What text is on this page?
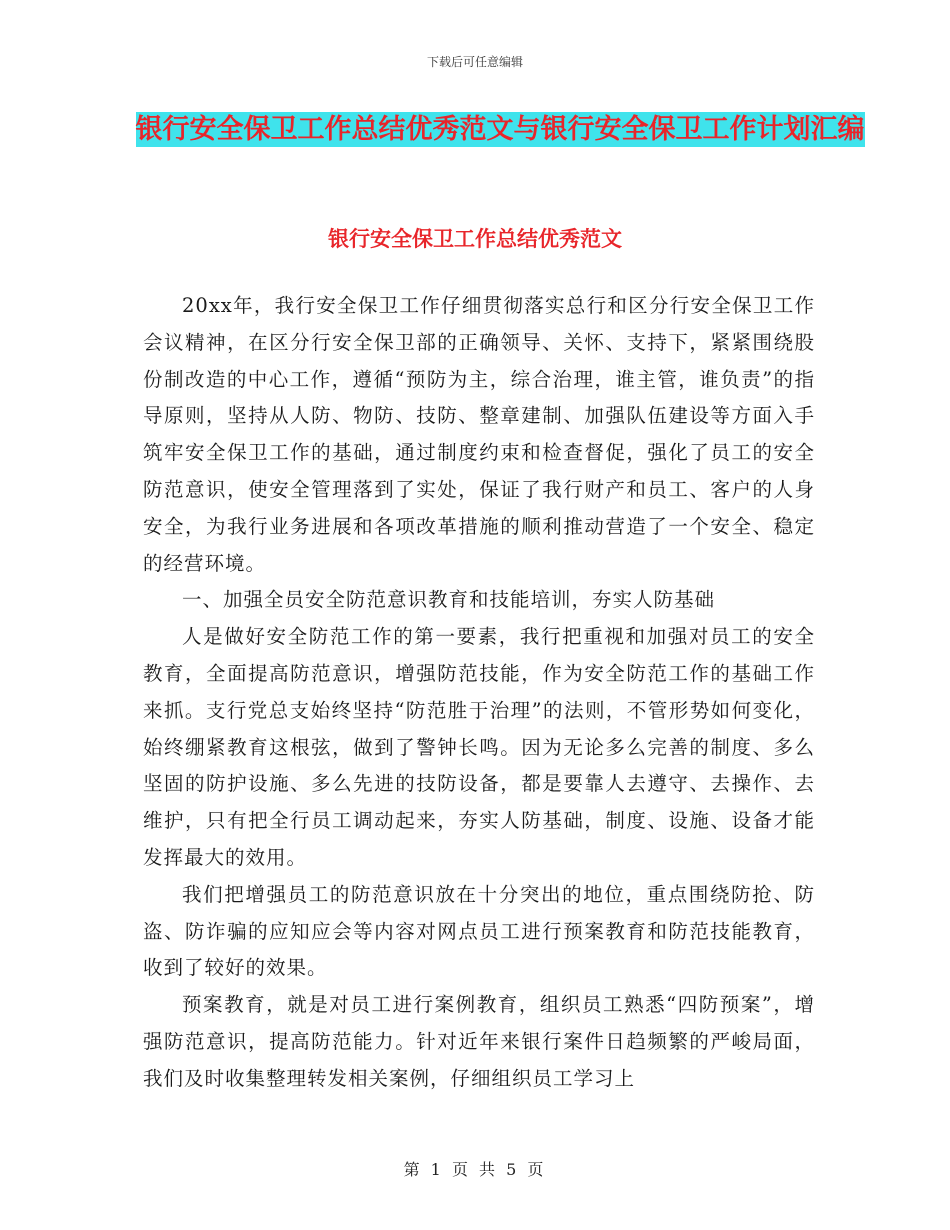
下载后可任意编辑
银行安全保卫工作总结优秀范文与银行安全保卫工作计划汇编
银行安全保卫工作总结优秀范文

20xx年，我行安全保卫工作仔细贯彻落实总行和区分行安全保卫工作会议精神，在区分行安全保卫部的正确领导、关怀、支持下，紧紧围绕股份制改造的中心工作，遵循“预防为主，综合治理，谁主管，谁负责”的指导原则，坚持从人防、物防、技防、整章建制、加强队伍建设等方面入手筑牢安全保卫工作的基础，通过制度约束和检查督促，强化了员工的安全防范意识，使安全管理落到了实处，保证了我行财产和员工、客户的人身安全，为我行业务进展和各项改革措施的顺利推动营造了一个安全、稳定的经营环境。

一、加强全员安全防范意识教育和技能培训，夯实人防基础

人是做好安全防范工作的第一要素，我行把重视和加强对员工的安全教育，全面提高防范意识，增强防范技能，作为安全防范工作的基础工作来抓。支行党总支始终坚持“防范胜于治理”的法则，不管形势如何变化，始终绷紧教育这根弦，做到了警钟长鸣。因为无论多么完善的制度、多么坚固的防护设施、多么先进的技防设备，都是要靠人去遵守、去操作、去维护，只有把全行员工调动起来，夯实人防基础，制度、设施、设备才能发挥最大的效用。

我们把增强员工的防范意识放在十分突出的地位，重点围绕防抢、防盗、防诈骗的应知应会等内容对网点员工进行预案教育和防范技能教育，收到了较好的效果。

预案教育，就是对员工进行案例教育，组织员工熟悉“四防预案”，增强防范意识，提高防范能力。针对近年来银行案件日趋频繁的严峻局面，我们及时收集整理转发相关案例，仔细组织员工学习上

第 1 页 共 5 页
